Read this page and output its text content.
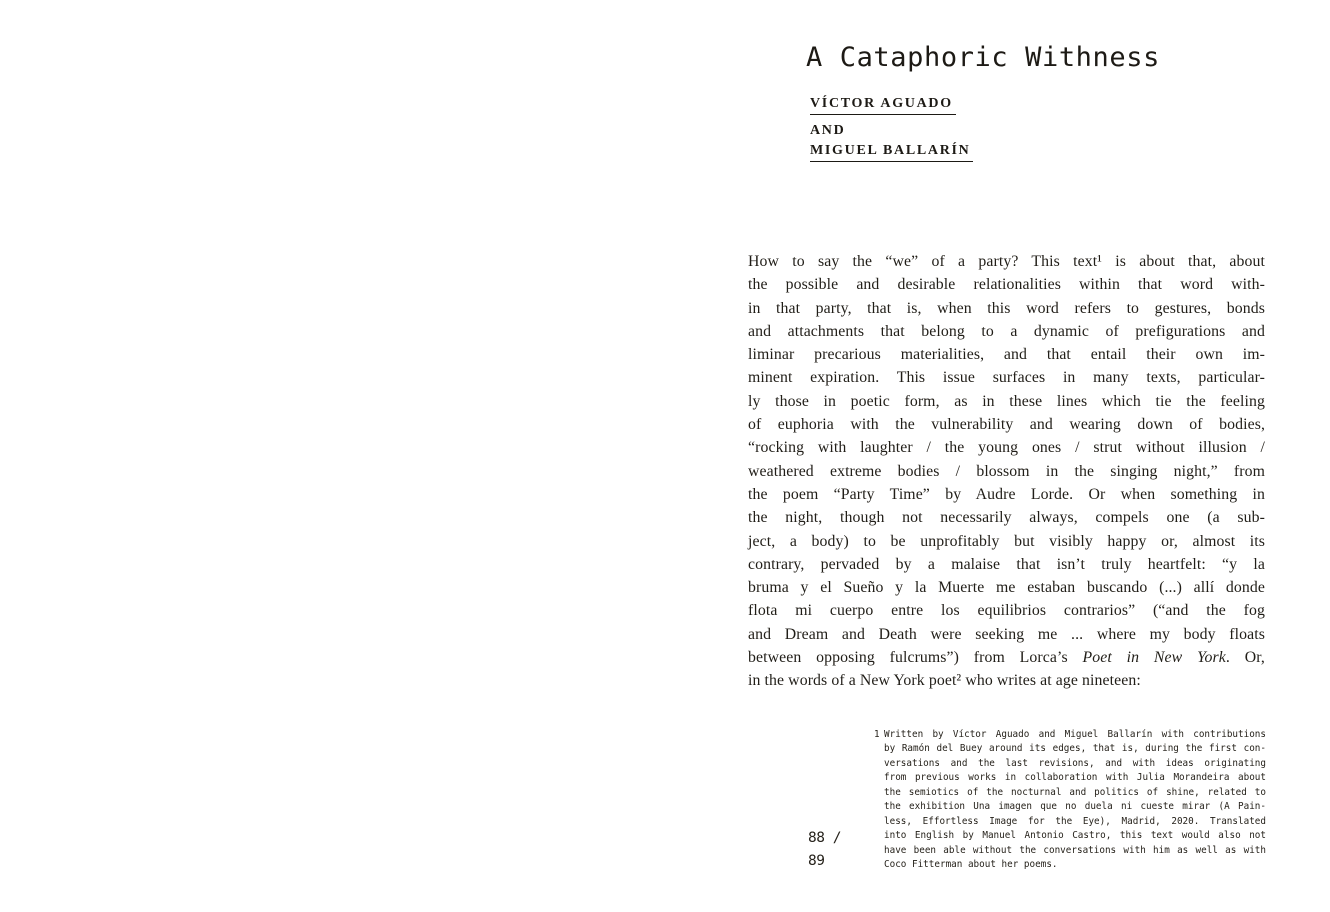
A Cataphoric Withness
VÍCTOR AGUADO
AND
MIGUEL BALLARÍN
How to say the “we” of a party? This text¹ is about that, about
the possible and desirable relationalities within that word with-
in that party, that is, when this word refers to gestures, bonds
and attachments that belong to a dynamic of prefigurations and
liminar precarious materialities, and that entail their own im-
minent expiration. This issue surfaces in many texts, particular-
ly those in poetic form, as in these lines which tie the feeling
of euphoria with the vulnerability and wearing down of bodies,
“rocking with laughter / the young ones / strut without illusion /
weathered extreme bodies / blossom in the singing night,” from
the poem “Party Time” by Audre Lorde. Or when something in
the night, though not necessarily always, compels one (a sub-
ject, a body) to be unprofitably but visibly happy or, almost its
contrary, pervaded by a malaise that isn’t truly heartfelt: “y la
bruma y el Sueño y la Muerte me estaban buscando (...) allí donde
flota mi cuerpo entre los equilibrios contrarios” (“and the fog
and Dream and Death were seeking me ... where my body floats
between opposing fulcrums”) from Lorca’s Poet in New York. Or,
in the words of a New York poet² who writes at age nineteen:
1 Written by Víctor Aguado and Miguel Ballarín with contributions
by Ramón del Buey around its edges, that is, during the first con-
versations and the last revisions, and with ideas originating
from previous works in collaboration with Julia Morandeira about
the semiotics of the nocturnal and politics of shine, related to
the exhibition Una imagen que no duela ni cueste mirar (A Pain-
less, Effortless Image for the Eye), Madrid, 2020. Translated
into English by Manuel Antonio Castro, this text would also not
have been able without the conversations with him as well as with
Coco Fitterman about her poems.
88 /
89
